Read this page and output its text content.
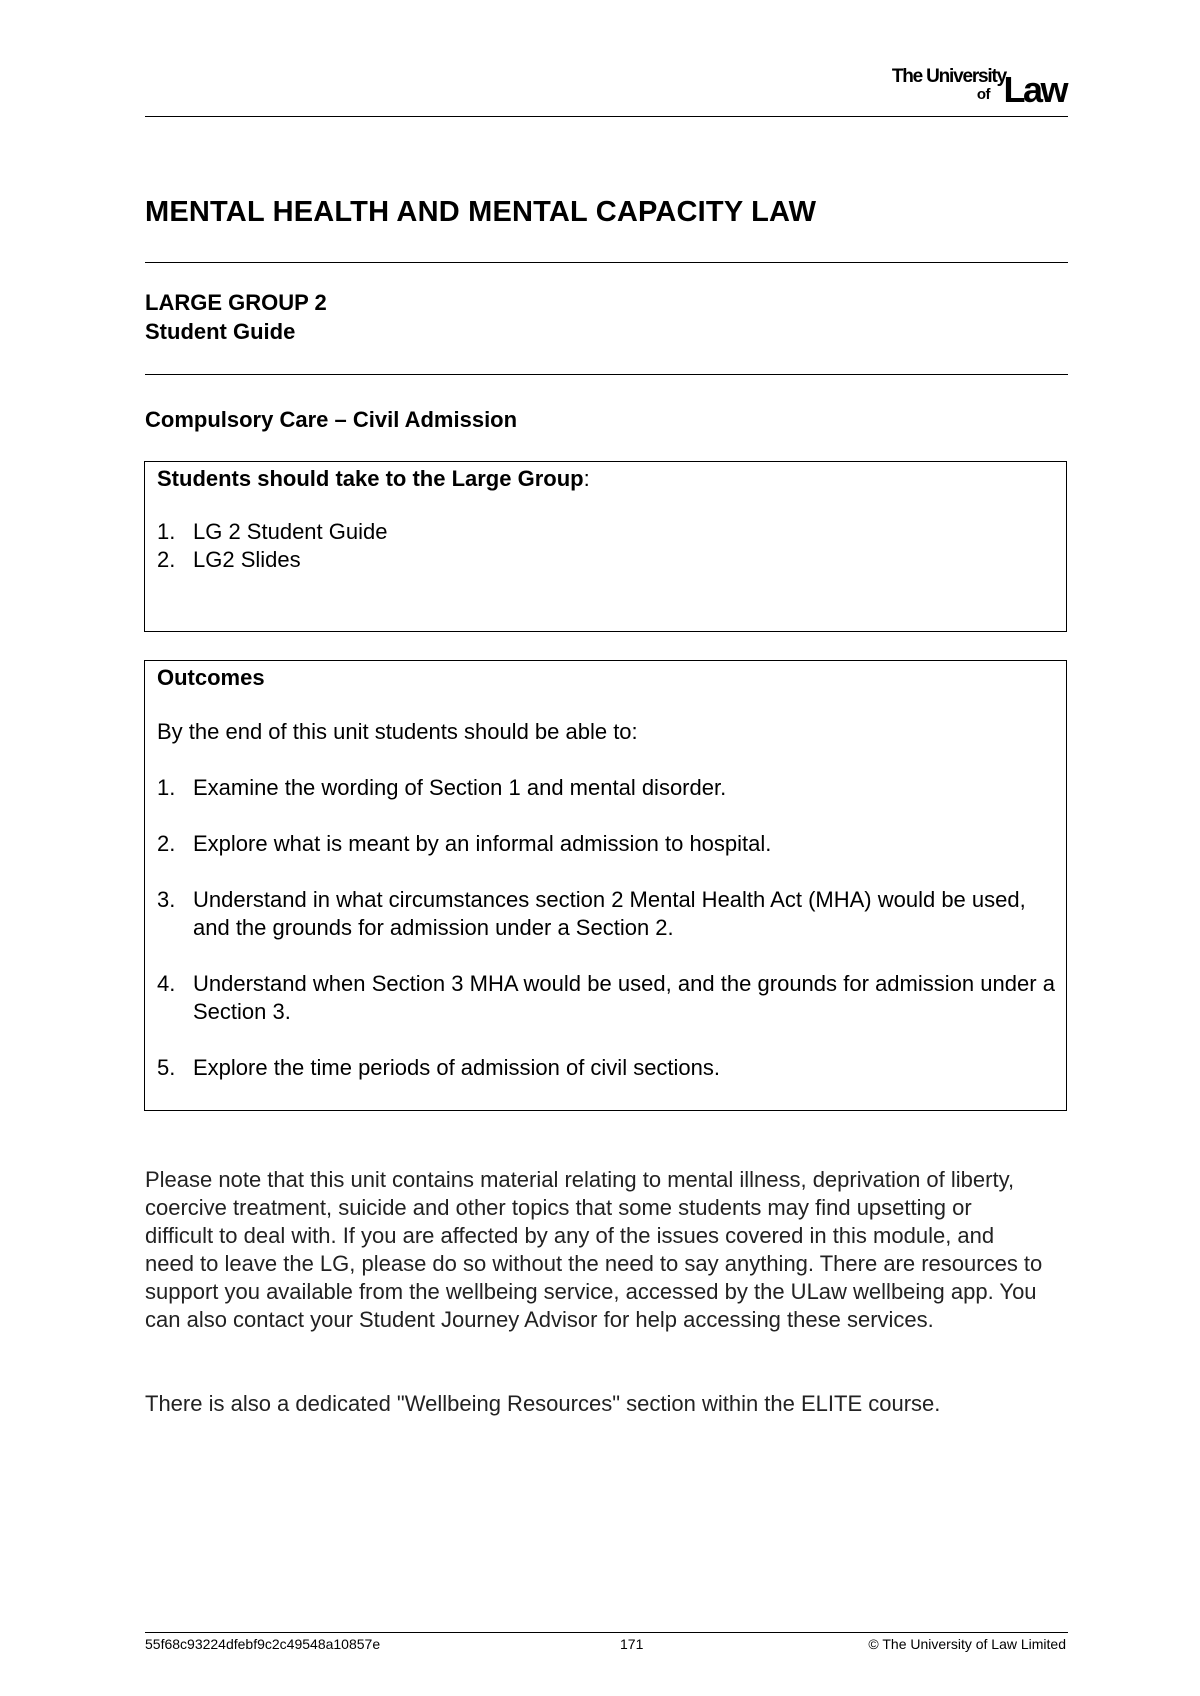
The University
of Law
MENTAL HEALTH AND MENTAL CAPACITY LAW
LARGE GROUP 2
Student Guide
Compulsory Care – Civil Admission
Students should take to the Large Group:
1. LG 2 Student Guide
2. LG2 Slides
Outcomes
By the end of this unit students should be able to:
1. Examine the wording of Section 1 and mental disorder.
2. Explore what is meant by an informal admission to hospital.
3. Understand in what circumstances section 2 Mental Health Act (MHA) would be used, and the grounds for admission under a Section 2.
4. Understand when Section 3 MHA would be used, and the grounds for admission under a Section 3.
5. Explore the time periods of admission of civil sections.
Please note that this unit contains material relating to mental illness, deprivation of liberty, coercive treatment, suicide and other topics that some students may find upsetting or difficult to deal with. If you are affected by any of the issues covered in this module, and need to leave the LG, please do so without the need to say anything. There are resources to support you available from the wellbeing service, accessed by the ULaw wellbeing app. You can also contact your Student Journey Advisor for help accessing these services.
There is also a dedicated "Wellbeing Resources" section within the ELITE course.
55f68c93224dfebf9c2c49548a10857e	171	© The University of Law Limited
